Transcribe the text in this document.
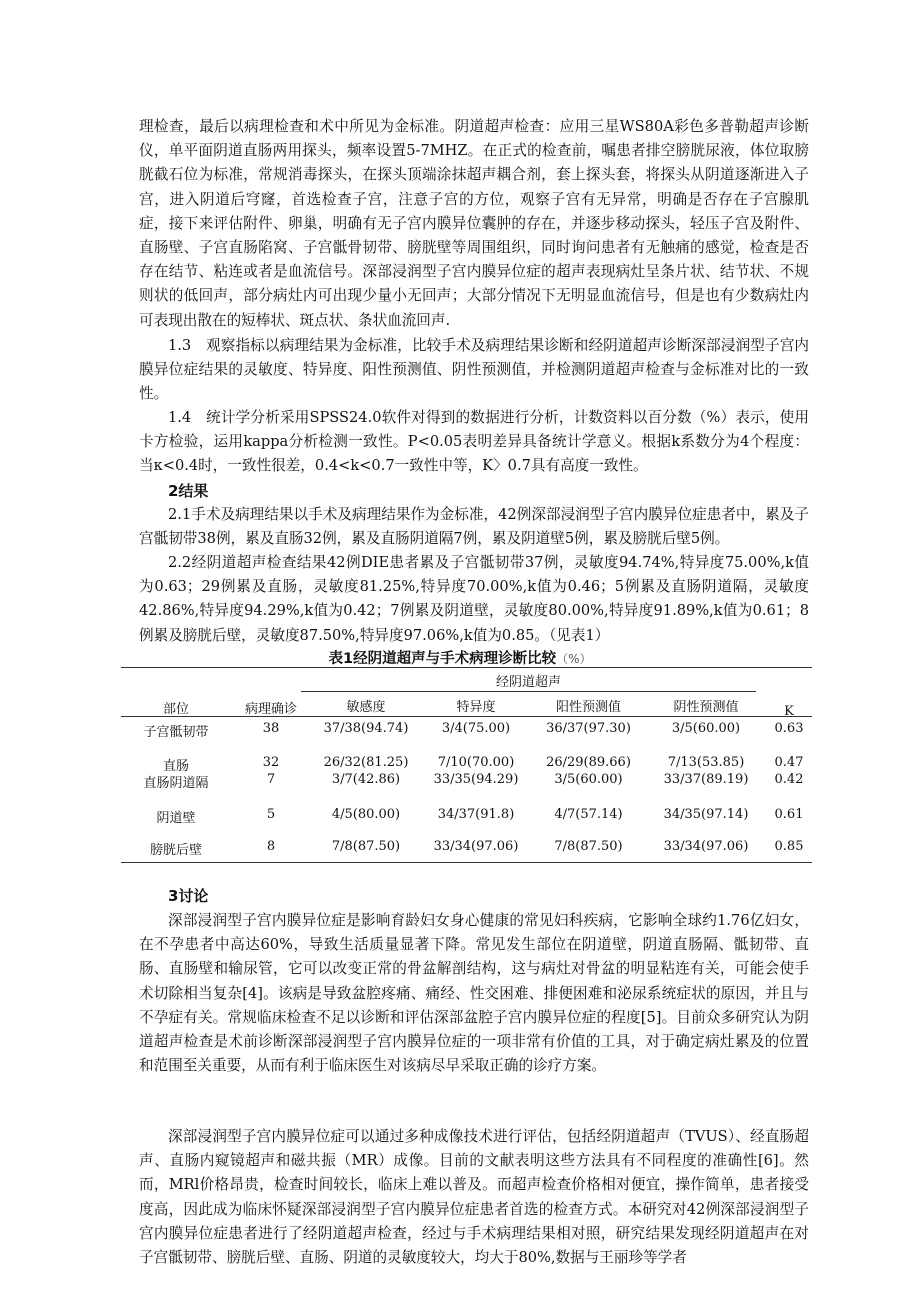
理检查，最后以病理检查和术中所见为金标准。阴道超声检查：应用三星WS80A彩色多普勒超声诊断仪，单平面阴道直肠两用探头，频率设置5-7MHZ。在正式的检查前，嘱患者排空膀胱尿液，体位取膀胱截石位为标准，常规消毒探头，在探头顶端涂抹超声耦合剂，套上探头套，将探头从阴道逐渐进入子宫，进入阴道后穹窿，首选检查子宫，注意子宫的方位，观察子宫有无异常，明确是否存在子宫腺肌症，接下来评估附件、卵巢，明确有无子宫内膜异位囊肿的存在，并逐步移动探头，轻压子宫及附件、直肠壁、子宫直肠陷窝、子宫骶骨韧带、膀胱壁等周围组织，同时询问患者有无触痛的感觉，检查是否存在结节、粘连或者是血流信号。深部浸润型子宫内膜异位症的超声表现病灶呈条片状、结节状、不规则状的低回声，部分病灶内可出现少量小无回声；大部分情况下无明显血流信号，但是也有少数病灶内可表现出散在的短棒状、斑点状、条状血流回声.

1.3　观察指标以病理结果为金标准，比较手术及病理结果诊断和经阴道超声诊断深部浸润型子宫内膜异位症结果的灵敏度、特异度、阳性预测值、阴性预测值，并检测阴道超声检查与金标准对比的一致性。

1.4　统计学分析采用SPSS24.0软件对得到的数据进行分析，计数资料以百分数（%）表示，使用卡方检验，运用kappa分析检测一致性。P<0.05表明差异具备统计学意义。根据k系数分为4个程度：当κ<0.4时，一致性很差，0.4<k<0.7一致性中等，K〉0.7具有高度一致性。

2结果

2.1手术及病理结果以手术及病理结果作为金标准，42例深部浸润型子宫内膜异位症患者中，累及子宫骶韧带38例，累及直肠32例，累及直肠阴道隔7例，累及阴道壁5例，累及膀胱后壁5例。

2.2经阴道超声检查结果42例DIE患者累及子宫骶韧带37例，灵敏度94.74%,特异度75.00%,k值为0.63；29例累及直肠，灵敏度81.25%,特异度70.00%,k值为0.46；5例累及直肠阴道隔，灵敏度42.86%,特异度94.29%,k值为0.42；7例累及阴道壁，灵敏度80.00%,特异度91.89%,k值为0.61；8例累及膀胱后壁，灵敏度87.50%,特异度97.06%,k值为0.85。（见表1）

表1经阴道超声与手术病理诊断比较（%）
经阴道超声
部位	病理确诊	敏感度	特异度	阳性预测值	阴性预测值	K
子宫骶韧带	38	37/38(94.74)	3/4(75.00)	36/37(97.30)	3/5(60.00)	0.63
直肠	32	26/32(81.25)	7/10(70.00)	26/29(89.66)	7/13(53.85)	0.47
直肠阴道隔	7	3/7(42.86)	33/35(94.29)	3/5(60.00)	33/37(89.19)	0.42
阴道壁	5	4/5(80.00)	34/37(91.8)	4/7(57.14)	34/35(97.14)	0.61
膀胱后壁	8	7/8(87.50)	33/34(97.06)	7/8(87.50)	33/34(97.06)	0.85
3讨论

深部浸润型子宫内膜异位症是影响育龄妇女身心健康的常见妇科疾病，它影响全球约1.76亿妇女，在不孕患者中高达60%，导致生活质量显著下降。常见发生部位在阴道壁，阴道直肠隔、骶韧带、直肠、直肠壁和输尿管，它可以改变正常的骨盆解剖结构，这与病灶对骨盆的明显粘连有关，可能会使手术切除相当复杂[4]。该病是导致盆腔疼痛、痛经、性交困难、排便困难和泌尿系统症状的原因，并且与不孕症有关。常规临床检查不足以诊断和评估深部盆腔子宫内膜异位症的程度[5]。目前众多研究认为阴道超声检查是术前诊断深部浸润型子宫内膜异位症的一项非常有价值的工具，对于确定病灶累及的位置和范围至关重要，从而有利于临床医生对该病尽早采取正确的诊疗方案。

深部浸润型子宫内膜异位症可以通过多种成像技术进行评估，包括经阴道超声（TVUS）、经直肠超声、直肠内窥镜超声和磁共振（MR）成像。目前的文献表明这些方法具有不同程度的准确性[6]。然而，MRl价格昂贵，检查时间较长，临床上难以普及。而超声检查价格相对便宜，操作简单，患者接受度高，因此成为临床怀疑深部浸润型子宫内膜异位症患者首选的检查方式。本研究对42例深部浸润型子宫内膜异位症患者进行了经阴道超声检查，经过与手术病理结果相对照，研究结果发现经阴道超声在对子宫骶韧带、膀胱后壁、直肠、阴道的灵敏度较大，均大于80%,数据与王丽珍等学者
